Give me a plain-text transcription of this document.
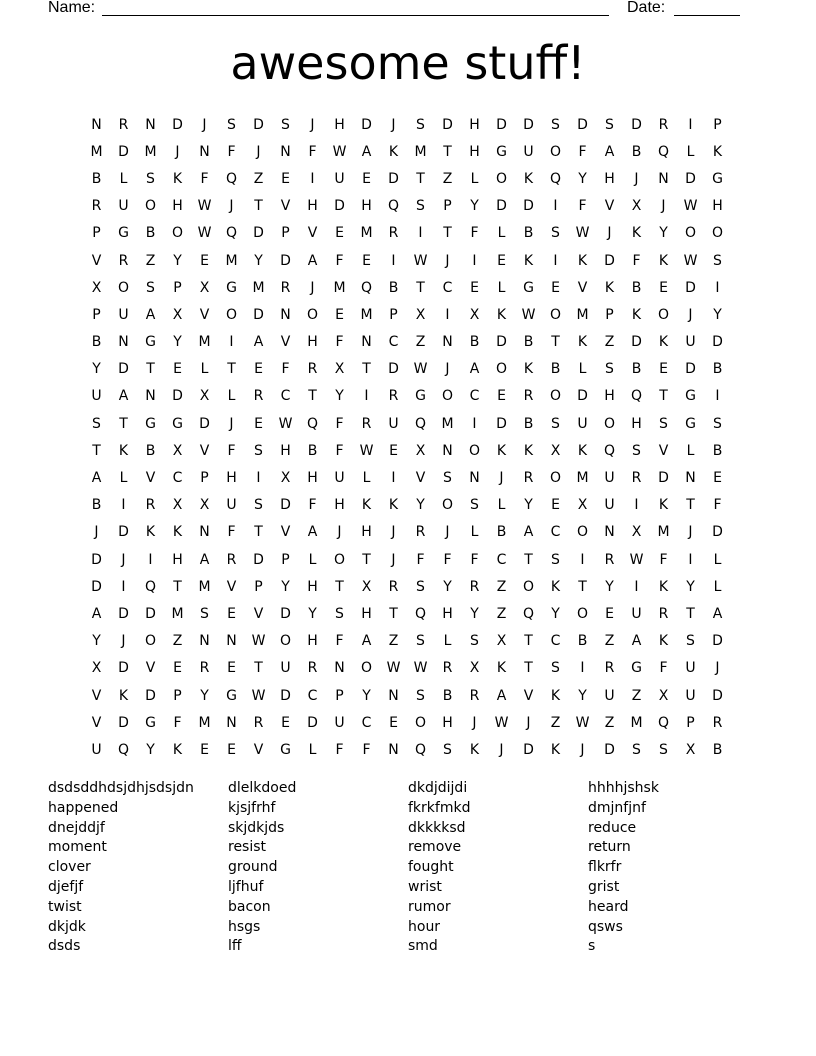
Name:	Date:
awesome stuff!
N	R	N	D	J	S	D	S	J	H	D	J	S	D	H	D	D	S	D	S	D	R	I	P
M	D	M	J	N	F	J	N	F	W	A	K	M	T	H	G	U	O	F	A	B	Q	L	K
B	L	S	K	F	Q	Z	E	I	U	E	D	T	Z	L	O	K	Q	Y	H	J	N	D	G
R	U	O	H	W	J	T	V	H	D	H	Q	S	P	Y	D	D	I	F	V	X	J	W	H
P	G	B	O	W	Q	D	P	V	E	M	R	I	T	F	L	B	S	W	J	K	Y	O	O
V	R	Z	Y	E	M	Y	D	A	F	E	I	W	J	I	E	K	I	K	D	F	K	W	S
X	O	S	P	X	G	M	R	J	M	Q	B	T	C	E	L	G	E	V	K	B	E	D	I
P	U	A	X	V	O	D	N	O	E	M	P	X	I	X	K	W	O	M	P	K	O	J	Y
B	N	G	Y	M	I	A	V	H	F	N	C	Z	N	B	D	B	T	K	Z	D	K	U	D
Y	D	T	E	L	T	E	F	R	X	T	D	W	J	A	O	K	B	L	S	B	E	D	B
U	A	N	D	X	L	R	C	T	Y	I	R	G	O	C	E	R	O	D	H	Q	T	G	I
S	T	G	G	D	J	E	W	Q	F	R	U	Q	M	I	D	B	S	U	O	H	S	G	S
T	K	B	X	V	F	S	H	B	F	W	E	X	N	O	K	K	X	K	Q	S	V	L	B
A	L	V	C	P	H	I	X	H	U	L	I	V	S	N	J	R	O	M	U	R	D	N	E
B	I	R	X	X	U	S	D	F	H	K	K	Y	O	S	L	Y	E	X	U	I	K	T	F
J	D	K	K	N	F	T	V	A	J	H	J	R	J	L	B	A	C	O	N	X	M	J	D
D	J	I	H	A	R	D	P	L	O	T	J	F	F	F	C	T	S	I	R	W	F	I	L
D	I	Q	T	M	V	P	Y	H	T	X	R	S	Y	R	Z	O	K	T	Y	I	K	Y	L
A	D	D	M	S	E	V	D	Y	S	H	T	Q	H	Y	Z	Q	Y	O	E	U	R	T	A
Y	J	O	Z	N	N	W	O	H	F	A	Z	S	L	S	X	T	C	B	Z	A	K	S	D
X	D	V	E	R	E	T	U	R	N	O	W W	R	X	K	T	S	I	R	G	F	U	J
V	K	D	P	Y	G	W	D	C	P	Y	N	S	B	R	A	V	K	Y	U	Z	X	U	D
V	D	G	F	M	N	R	E	D	U	C	E	O	H	J	W	J	Z	W	Z	M	Q	P	R
U	Q	Y	K	E	E	V	G	L	F	F	N	Q	S	K	J	D	K	J	D	S	S	X	B
dsdsddhdsjdhjsdsjdn
happened
dnejddjf
moment
clover
djefjf
twist
dkjdk
dsds
dlelkdoed
kjsjfrhf
skjdkjds
resist
ground
ljfhuf
bacon
hsgs
lff
dkdjdijdi
fkrkfmkd
dkkkksd
remove
fought
wrist
rumor
hour
smd
hhhhjshsk
dmjnfjnf
reduce
return
flkrfr
grist
heard
qsws
s
